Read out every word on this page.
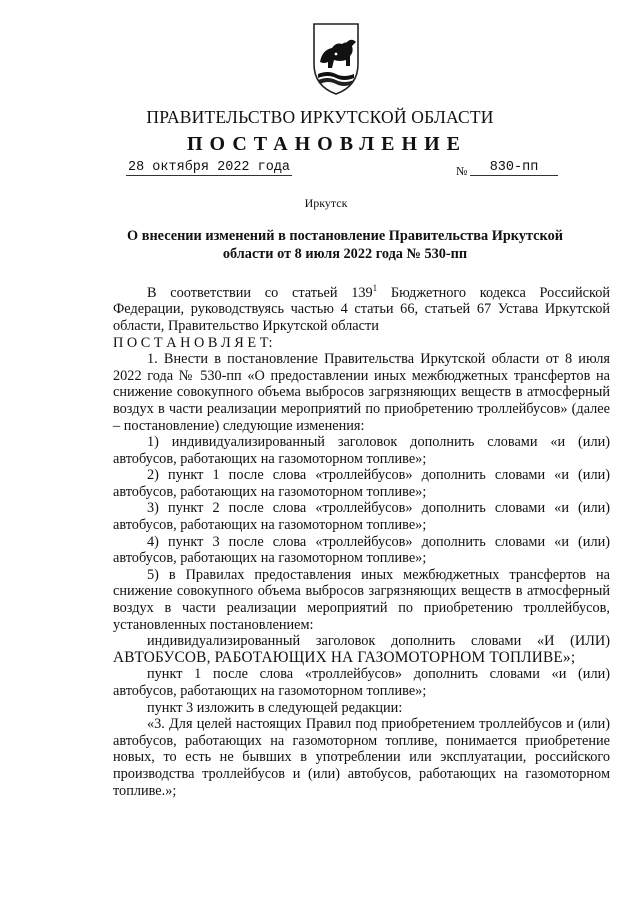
ПРАВИТЕЛЬСТВО ИРКУТСКОЙ ОБЛАСТИ
ПОСТАНОВЛЕНИЕ
28 октября 2022 года	№	830-пп
Иркутск
О внесении изменений в постановление Правительства Иркутской области от 8 июля 2022 года № 530-пп

В соответствии со статьей $139^1$ Бюджетного кодекса Российской Федерации, руководствуясь частью 4 статьи 66, статьей 67 Устава Иркутской области, Правительство Иркутской области

П О С Т А Н О В Л Я Е Т:

1. Внести в постановление Правительства Иркутской области от 8 июля 2022 года № 530-пп «О предоставлении иных межбюджетных трансфертов на снижение совокупного объема выбросов загрязняющих веществ в атмосферный воздух в части реализации мероприятий по приобретению троллейбусов» (далее – постановление) следующие изменения:

1) индивидуализированный заголовок дополнить словами «и (или) автобусов, работающих на газомоторном топливе»;

2) пункт 1 после слова «троллейбусов» дополнить словами «и (или) автобусов, работающих на газомоторном топливе»;

3) пункт 2 после слова «троллейбусов» дополнить словами «и (или) автобусов, работающих на газомоторном топливе»;

4) пункт 3 после слова «троллейбусов» дополнить словами «и (или) автобусов, работающих на газомоторном топливе»;

5) в Правилах предоставления иных межбюджетных трансфертов на снижение совокупного объема выбросов загрязняющих веществ в атмосферный воздух в части реализации мероприятий по приобретению троллейбусов, установленных постановлением:

индивидуализированный заголовок дополнить словами «И (ИЛИ)

АВТОБУСОВ, РАБОТАЮЩИХ НА ГАЗОМОТОРНОМ ТОПЛИВЕ»;

пункт 1 после слова «троллейбусов» дополнить словами «и (или) автобусов, работающих на газомоторном топливе»;

пункт 3 изложить в следующей редакции:

«3. Для целей настоящих Правил под приобретением троллейбусов и (или) автобусов, работающих на газомоторном топливе, понимается приобретение новых, то есть не бывших в употреблении или эксплуатации, российского производства троллейбусов и (или) автобусов, работающих на газомоторном топливе.»;
